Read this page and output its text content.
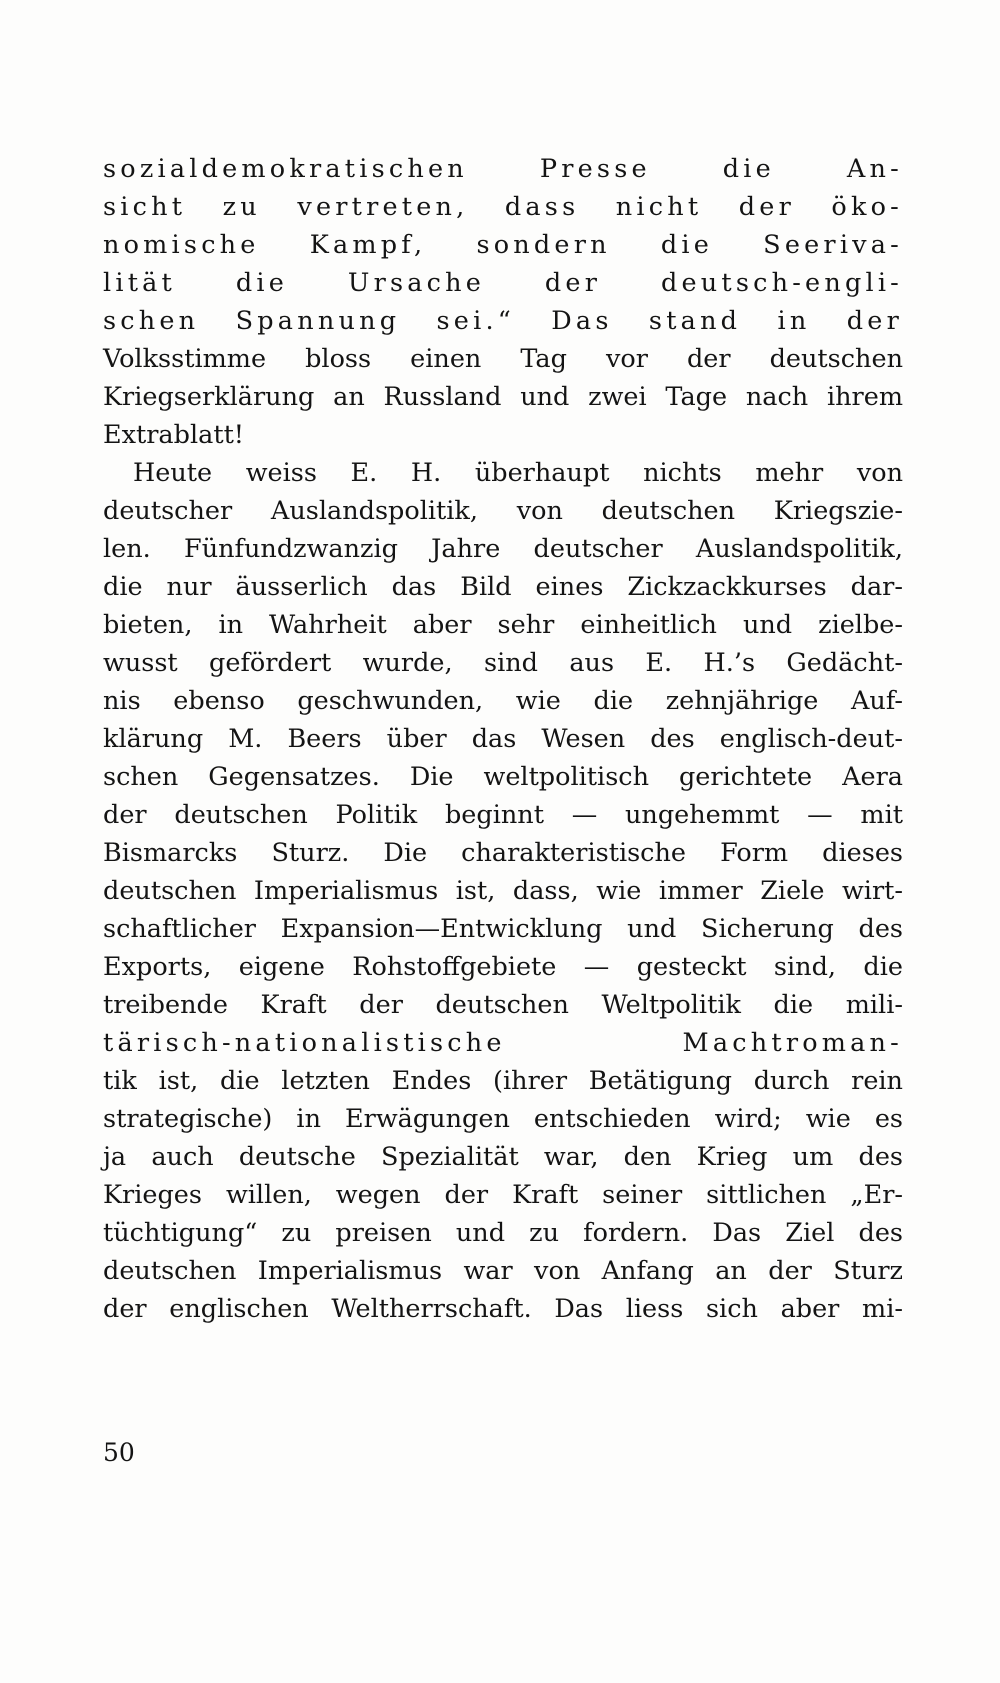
sozialdemokratischen Presse die An-
sicht zu vertreten, dass nicht der öko-
nomische Kampf, sondern die Seeriva-
lität die Ursache der deutsch-engli-
schen Spannung sei.“ Das stand in der
Volksstimme bloss einen Tag vor der deutschen
Kriegserklärung an Russland und zwei Tage nach ihrem
Extrablatt!
Heute weiss E. H. überhaupt nichts mehr von
deutscher Auslandspolitik, von deutschen Kriegszie-
len. Fünfundzwanzig Jahre deutscher Auslandspolitik,
die nur äusserlich das Bild eines Zickzackkurses dar-
bieten, in Wahrheit aber sehr einheitlich und zielbe-
wusst gefördert wurde, sind aus E. H.’s Gedächt-
nis ebenso geschwunden, wie die zehnjährige Auf-
klärung M. Beers über das Wesen des englisch-deut-
schen Gegensatzes. Die weltpolitisch gerichtete Aera
der deutschen Politik beginnt — ungehemmt — mit
Bismarcks Sturz. Die charakteristische Form dieses
deutschen Imperialismus ist, dass, wie immer Ziele wirt-
schaftlicher Expansion—Entwicklung und Sicherung des
Exports, eigene Rohstoffgebiete — gesteckt sind, die
treibende Kraft der deutschen Weltpolitik die mili-
tärisch-nationalistische Machtroman-
tik ist, die letzten Endes (ihrer Betätigung durch rein
strategische) in Erwägungen entschieden wird; wie es
ja auch deutsche Spezialität war, den Krieg um des
Krieges willen, wegen der Kraft seiner sittlichen „Er-
tüchtigung“ zu preisen und zu fordern. Das Ziel des
deutschen Imperialismus war von Anfang an der Sturz
der englischen Weltherrschaft. Das liess sich aber mi-
50
